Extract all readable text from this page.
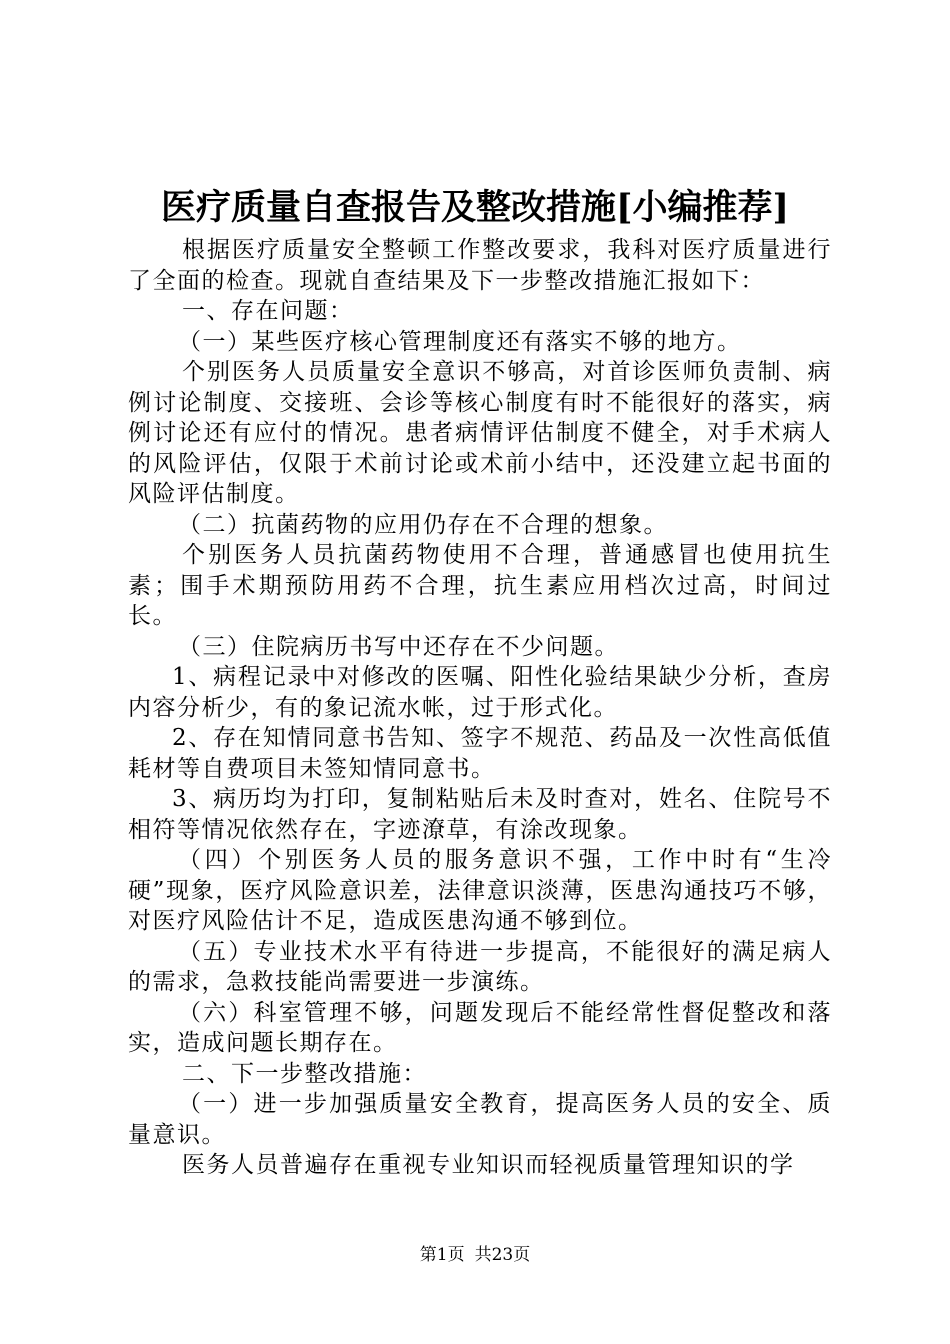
医疗质量自查报告及整改措施[小编推荐]

根据医疗质量安全整顿工作整改要求，我科对医疗质量进行了全面的检查。现就自查结果及下一步整改措施汇报如下：

一、存在问题：

（一）某些医疗核心管理制度还有落实不够的地方。

个别医务人员质量安全意识不够高，对首诊医师负责制、病例讨论制度、交接班、会诊等核心制度有时不能很好的落实，病例讨论还有应付的情况。患者病情评估制度不健全，对手术病人的风险评估，仅限于术前讨论或术前小结中，还没建立起书面的风险评估制度。

（二）抗菌药物的应用仍存在不合理的想象。

个别医务人员抗菌药物使用不合理，普通感冒也使用抗生素；围手术期预防用药不合理，抗生素应用档次过高，时间过长。

（三）住院病历书写中还存在不少问题。

1、病程记录中对修改的医嘱、阳性化验结果缺少分析，查房内容分析少，有的象记流水帐，过于形式化。

2、存在知情同意书告知、签字不规范、药品及一次性高低值耗材等自费项目未签知情同意书。

3、病历均为打印，复制粘贴后未及时查对，姓名、住院号不相符等情况依然存在，字迹潦草，有涂改现象。

（四）个别医务人员的服务意识不强，工作中时有“生冷硬”现象，医疗风险意识差，法律意识淡薄，医患沟通技巧不够，对医疗风险估计不足，造成医患沟通不够到位。

（五）专业技术水平有待进一步提高，不能很好的满足病人的需求，急救技能尚需要进一步演练。

（六）科室管理不够，问题发现后不能经常性督促整改和落实，造成问题长期存在。

二、下一步整改措施：

（一）进一步加强质量安全教育，提高医务人员的安全、质量意识。

医务人员普遍存在重视专业知识而轻视质量管理知识的学

第1页 共23页
